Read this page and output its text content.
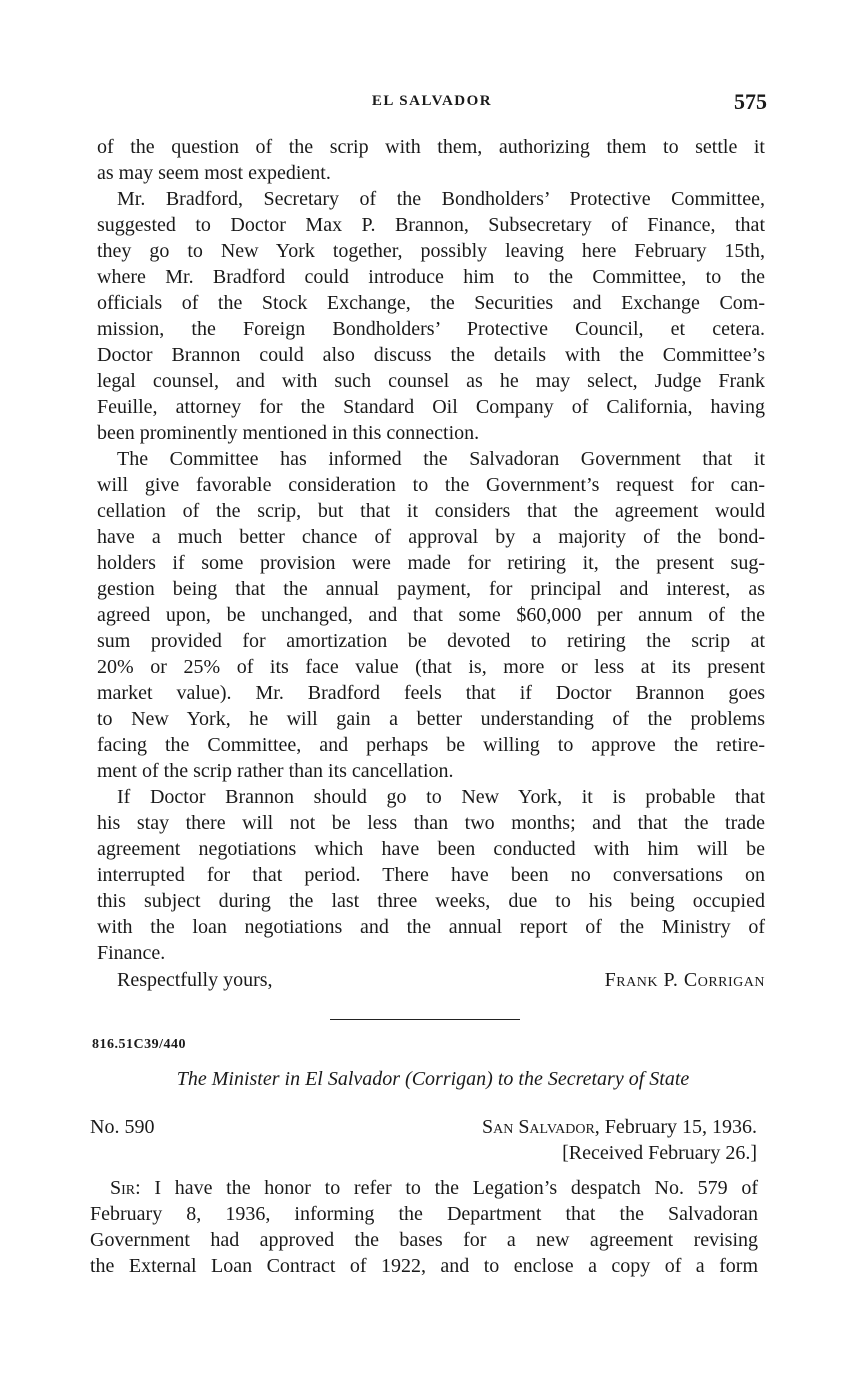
EL SALVADOR	575
of the question of the scrip with them, authorizing them to settle it
as may seem most expedient.
Mr. Bradford, Secretary of the Bondholders’ Protective Committee,
suggested to Doctor Max P. Brannon, Subsecretary of Finance, that
they go to New York together, possibly leaving here February 15th,
where Mr. Bradford could introduce him to the Committee, to the
officials of the Stock Exchange, the Securities and Exchange Com-
mission, the Foreign Bondholders’ Protective Council, et cetera.
Doctor Brannon could also discuss the details with the Committee’s
legal counsel, and with such counsel as he may select, Judge Frank
Feuille, attorney for the Standard Oil Company of California, having
been prominently mentioned in this connection.
The Committee has informed the Salvadoran Government that it
will give favorable consideration to the Government’s request for can-
cellation of the scrip, but that it considers that the agreement would
have a much better chance of approval by a majority of the bond-
holders if some provision were made for retiring it, the present sug-
gestion being that the annual payment, for principal and interest, as
agreed upon, be unchanged, and that some $60,000 per annum of the
sum provided for amortization be devoted to retiring the scrip at
20% or 25% of its face value (that is, more or less at its present
market value). Mr. Bradford feels that if Doctor Brannon goes
to New York, he will gain a better understanding of the problems
facing the Committee, and perhaps be willing to approve the retire-
ment of the scrip rather than its cancellation.
If Doctor Brannon should go to New York, it is probable that
his stay there will not be less than two months; and that the trade
agreement negotiations which have been conducted with him will be
interrupted for that period. There have been no conversations on
this subject during the last three weeks, due to his being occupied
with the loan negotiations and the annual report of the Ministry of
Finance.
Respectfully yours,	Frank P. Corrigan
816.51C39/440
The Minister in El Salvador (Corrigan) to the Secretary of State
No. 590	San Salvador, February 15, 1936.
[Received February 26.]
Sir: I have the honor to refer to the Legation’s despatch No. 579 of
February 8, 1936, informing the Department that the Salvadoran
Government had approved the bases for a new agreement revising
the External Loan Contract of 1922, and to enclose a copy of a form
